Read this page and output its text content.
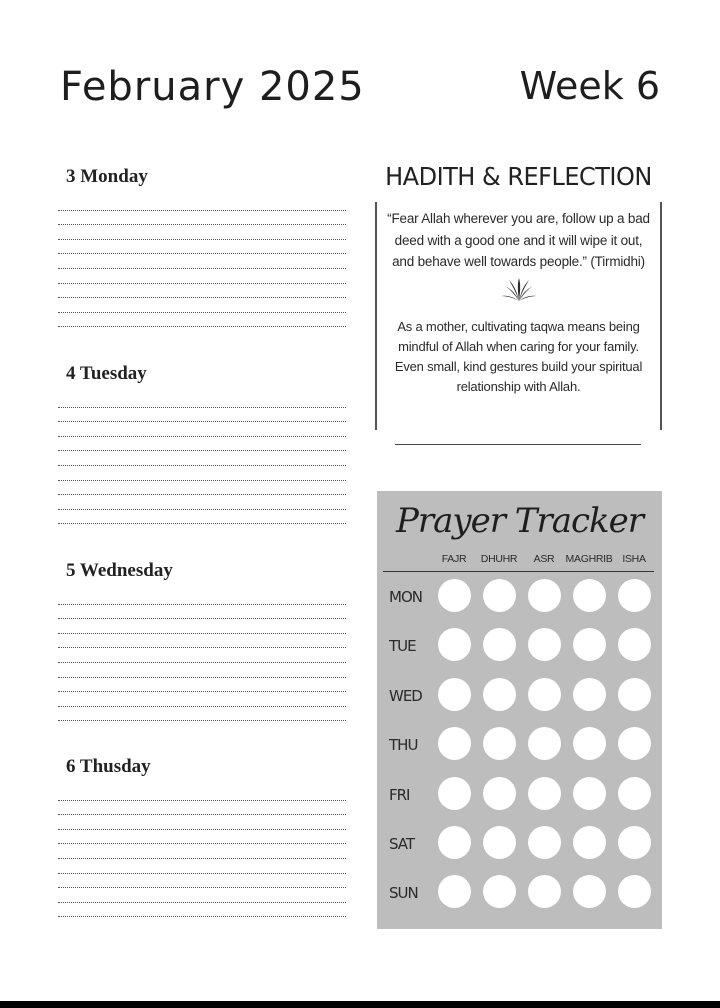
February 2025	Week 6
3 Monday
4 Tuesday
5 Wednesday
6 Thusday
HADITH & REFLECTION

“Fear Allah wherever you are, follow up a bad deed with a good one and it will wipe it out, and behave well towards people.” (Tirmidhi)

As a mother, cultivating taqwa means being mindful of Allah when caring for your family. Even small, kind gestures build your spiritual relationship with Allah.

Prayer Tracker
FAJR	DHUHR	ASR	MAGHRIB ISHA
MON
TUE
WED
THU
FRI
SAT
SUN
